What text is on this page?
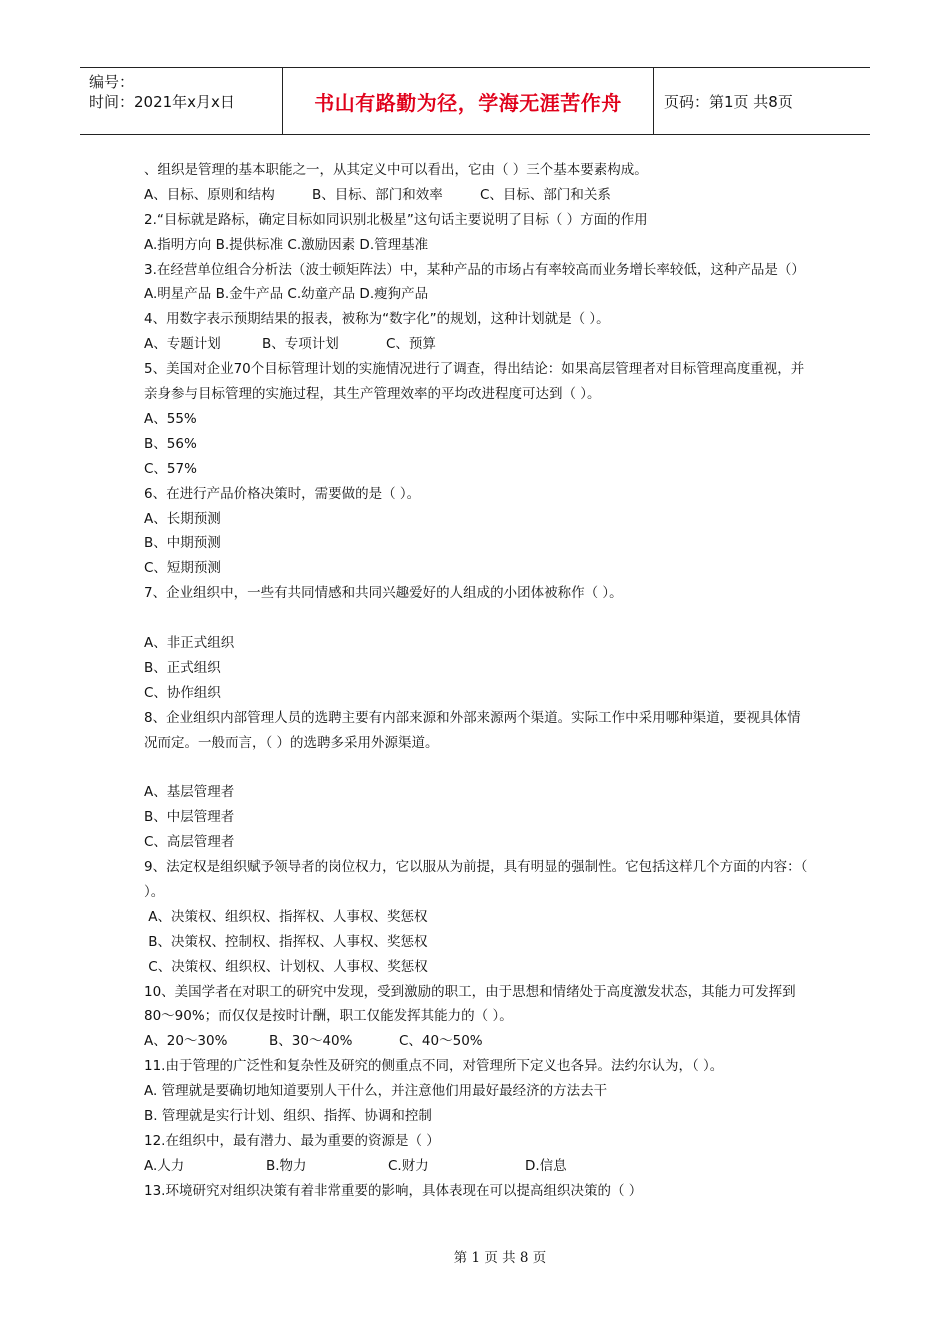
编号：
时间：2021年x月x日	书山有路勤为径，学海无涯苦作舟	页码：第1页 共8页
、组织是管理的基本职能之一，从其定义中可以看出，它由（ ）三个基本要素构成。
A、目标、原则和结构	B、目标、部门和效率	C、目标、部门和关系
2.“目标就是路标，确定目标如同识别北极星”这句话主要说明了目标（ ）方面的作用
A.指明方向 B.提供标准 C.激励因素 D.管理基准
3.在经营单位组合分析法（波士顿矩阵法）中，某种产品的市场占有率较高而业务增长率较低，这种产品是（）
A.明星产品 B.金牛产品 C.幼童产品 D.瘦狗产品
4、用数字表示预期结果的报表，被称为“数字化”的规划，这种计划就是（ ）。
A、专题计划	B、专项计划	C、预算
5、美国对企业70个目标管理计划的实施情况进行了调查，得出结论：如果高层管理者对目标管理高度重视，并亲身参与目标管理的实施过程，其生产管理效率的平均改进程度可达到（ ）。
A、55%
B、56%
C、57%
6、在进行产品价格决策时，需要做的是（ ）。
A、长期预测
B、中期预测
C、短期预测
7、企业组织中，一些有共同情感和共同兴趣爱好的人组成的小团体被称作（ ）。
A、非正式组织
B、正式组织
C、协作组织
8、企业组织内部管理人员的选聘主要有内部来源和外部来源两个渠道。实际工作中采用哪种渠道，要视具体情况而定。一般而言，（ ）的选聘多采用外源渠道。
A、基层管理者
B、中层管理者
C、高层管理者
9、法定权是组织赋予领导者的岗位权力，它以服从为前提，具有明显的强制性。它包括这样几个方面的内容：（ ）。
A、决策权、组织权、指挥权、人事权、奖惩权
B、决策权、控制权、指挥权、人事权、奖惩权
C、决策权、组织权、计划权、人事权、奖惩权
10、美国学者在对职工的研究中发现，受到激励的职工，由于思想和情绪处于高度激发状态，其能力可发挥到80～90%；而仅仅是按时计酬，职工仅能发挥其能力的（ ）。
A、20～30%	B、30～40%	C、40～50%
11.由于管理的广泛性和复杂性及研究的侧重点不同，对管理所下定义也各异。法约尔认为，（ ）。
A. 管理就是要确切地知道要别人干什么，并注意他们用最好最经济的方法去干
B. 管理就是实行计划、组织、指挥、协调和控制
12.在组织中，最有潜力、最为重要的资源是（ ）
A.人力	B.物力	C.财力	D.信息
13.环境研究对组织决策有着非常重要的影响，具体表现在可以提高组织决策的（ ）
第 1 页 共 8 页
